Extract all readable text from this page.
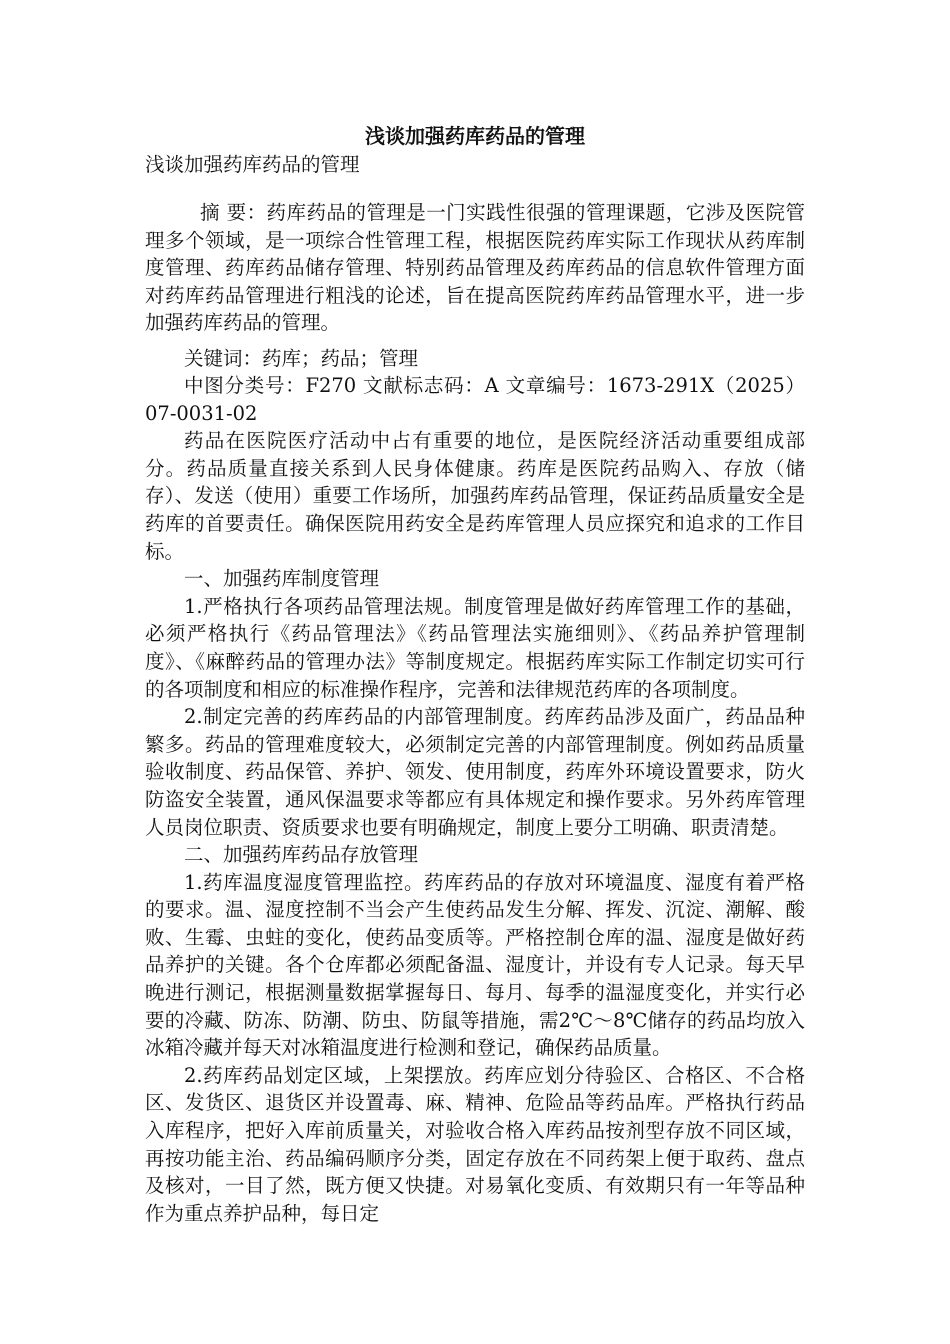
浅谈加强药库药品的管理
浅谈加强药库药品的管理
摘 要：药库药品的管理是一门实践性很强的管理课题，它涉及医院管理多个领域，是一项综合性管理工程，根据医院药库实际工作现状从药库制度管理、药库药品储存管理、特别药品管理及药库药品的信息软件管理方面对药库药品管理进行粗浅的论述，旨在提高医院药库药品管理水平，进一步加强药库药品的管理。
关键词：药库；药品；管理

中图分类号：F270 文献标志码：A 文章编号：1673-291X（2025）07-0031-02

药品在医院医疗活动中占有重要的地位，是医院经济活动重要组成部分。药品质量直接关系到人民身体健康。药库是医院药品购入、存放（储存）、发送（使用）重要工作场所，加强药库药品管理，保证药品质量安全是药库的首要责任。确保医院用药安全是药库管理人员应探究和追求的工作目标。

一、加强药库制度管理

1.严格执行各项药品管理法规。制度管理是做好药库管理工作的基础，必须严格执行《药品管理法》《药品管理法实施细则》、《药品养护管理制度》、《麻醉药品的管理办法》等制度规定。根据药库实际工作制定切实可行的各项制度和相应的标准操作程序，完善和法律规范药库的各项制度。

2.制定完善的药库药品的内部管理制度。药库药品涉及面广，药品品种繁多。药品的管理难度较大，必须制定完善的内部管理制度。例如药品质量验收制度、药品保管、养护、领发、使用制度，药库外环境设置要求，防火防盗安全装置，通风保温要求等都应有具体规定和操作要求。另外药库管理人员岗位职责、资质要求也要有明确规定，制度上要分工明确、职责清楚。

二、加强药库药品存放管理

1.药库温度湿度管理监控。药库药品的存放对环境温度、湿度有着严格的要求。温、湿度控制不当会产生使药品发生分解、挥发、沉淀、潮解、酸败、生霉、虫蛀的变化，使药品变质等。严格控制仓库的温、湿度是做好药品养护的关键。各个仓库都必须配备温、湿度计，并设有专人记录。每天早晚进行测记，根据测量数据掌握每日、每月、每季的温湿度变化，并实行必要的冷藏、防冻、防潮、防虫、防鼠等措施，需2℃～8℃储存的药品均放入冰箱冷藏并每天对冰箱温度进行检测和登记，确保药品质量。

2.药库药品划定区域，上架摆放。药库应划分待验区、合格区、不合格区、发货区、退货区并设置毒、麻、精神、危险品等药品库。严格执行药品入库程序，把好入库前质量关，对验收合格入库药品按剂型存放不同区域，再按功能主治、药品编码顺序分类，固定存放在不同药架上便于取药、盘点及核对，一目了然，既方便又快捷。对易氧化变质、有效期只有一年等品种作为重点养护品种，每日定
